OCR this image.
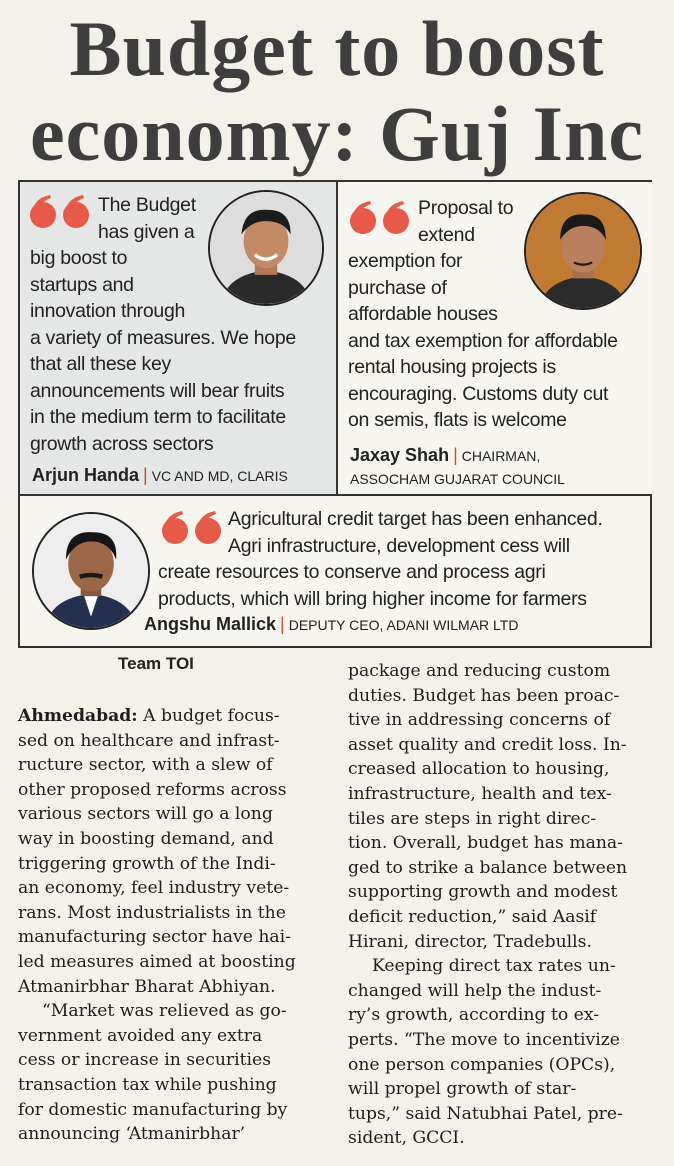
Budget to boost
economy: Guj Inc

The Budget
has given a
big boost to
startups and
innovation through
a variety of measures. We hope
that all these key
announcements will bear fruits
in the medium term to facilitate
growth across sectors

Arjun Handa | VC AND MD, CLARIS

Proposal to
extend
exemption for
purchase of
affordable houses
and tax exemption for affordable
rental housing projects is
encouraging. Customs duty cut
on semis, flats is welcome

Jaxay Shah | CHAIRMAN,
ASSOCHAM GUJARAT COUNCIL

Agricultural credit target has been enhanced.
Agri infrastructure, development cess will
create resources to conserve and process agri
products, which will bring higher income for farmers

Angshu Mallick | DEPUTY CEO, ADANI WILMAR LTD
Team TOI
Ahmedabad: A budget focus-
sed on healthcare and infrast-
ructure sector, with a slew of
other proposed reforms across
various sectors will go a long
way in boosting demand, and
triggering growth of the Indi-
an economy, feel industry vete-
rans. Most industrialists in the
manufacturing sector have hai-
led measures aimed at boosting
Atmanirbhar Bharat Abhiyan.
“Market was relieved as go-
vernment avoided any extra
cess or increase in securities
transaction tax while pushing
for domestic manufacturing by
announcing ‘Atmanirbhar’
package and reducing custom
duties. Budget has been proac-
tive in addressing concerns of
asset quality and credit loss. In-
creased allocation to housing,
infrastructure, health and tex-
tiles are steps in right direc-
tion. Overall, budget has mana-
ged to strike a balance between
supporting growth and modest
deficit reduction,” said Aasif
Hirani, director, Tradebulls.
Keeping direct tax rates un-
changed will help the indust-
ry’s growth, according to ex-
perts. “The move to incentivize
one person companies (OPCs),
will propel growth of star-
tups,” said Natubhai Patel, pre-
sident, GCCI.
